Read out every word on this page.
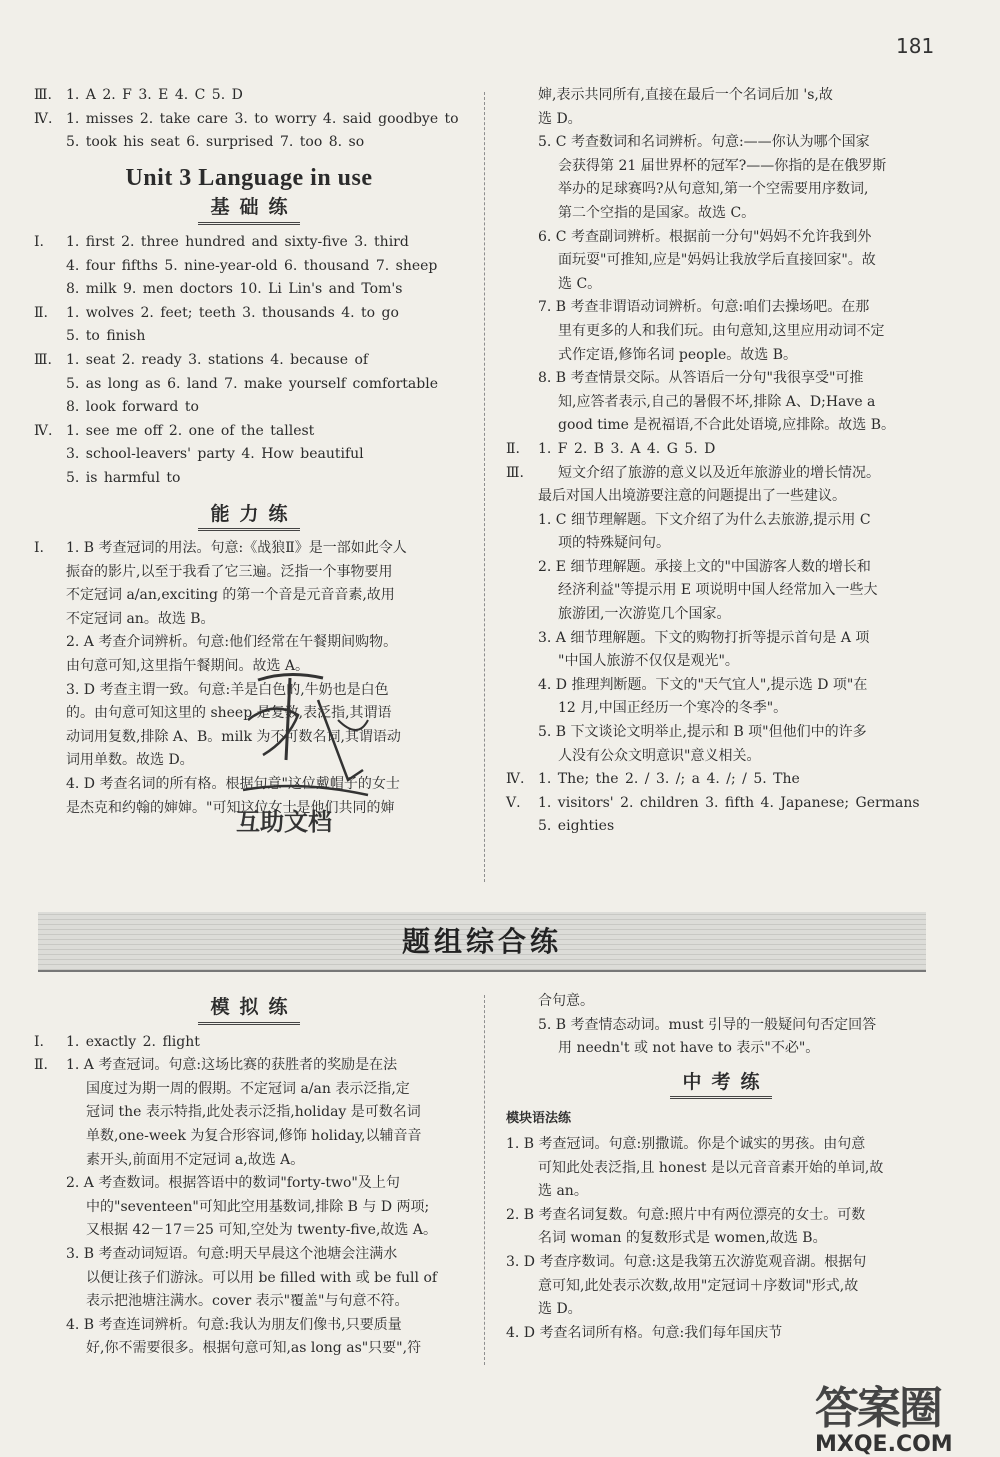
181
Ⅲ. 1. A 2. F 3. E 4. C 5. D
Ⅳ. 1. misses 2. take care 3. to worry 4. said goodbye to
5. took his seat 6. surprised 7. too 8. so
Unit 3 Language in use
基础练
Ⅰ. 1. first 2. three hundred and sixty-five 3. third
4. four fifths 5. nine-year-old 6. thousand 7. sheep
8. milk 9. men doctors 10. Li Lin's and Tom's
Ⅱ. 1. wolves 2. feet; teeth 3. thousands 4. to go
5. to finish
Ⅲ. 1. seat 2. ready 3. stations 4. because of
5. as long as 6. land 7. make yourself comfortable
8. look forward to
Ⅳ. 1. see me off 2. one of the tallest
3. school-leavers' party 4. How beautiful
5. is harmful to
能力练
Ⅰ. 1. B 考查冠词的用法。句意:《战狼Ⅱ》是一部如此令人
振奋的影片,以至于我看了它三遍。泛指一个事物要用
不定冠词 a/an,exciting 的第一个音是元音音素,故用
不定冠词 an。故选 B。
2. A 考查介词辨析。句意:他们经常在午餐期间购物。
由句意可知,这里指午餐期间。故选 A。
3. D 考查主谓一致。句意:羊是白色的,牛奶也是白色
的。由句意可知这里的 sheep 是复数,表泛指,其谓语
动词用复数,排除 A、B。milk 为不可数名词,其谓语动
词用单数。故选 D。
4. D 考查名词的所有格。根据句意"这位戴帽子的女士
是杰克和约翰的婶婶。"可知这位女士是他们共同的婶
婶,表示共同所有,直接在最后一个名词后加 's,故
选 D。
5. C 考查数词和名词辨析。句意:——你认为哪个国家
会获得第 21 届世界杯的冠军?——你指的是在俄罗斯
举办的足球赛吗?从句意知,第一个空需要用序数词,
第二个空指的是国家。故选 C。
6. C 考查副词辨析。根据前一分句"妈妈不允许我到外
面玩耍"可推知,应是"妈妈让我放学后直接回家"。故
选 C。
7. B 考查非谓语动词辨析。句意:咱们去操场吧。在那
里有更多的人和我们玩。由句意知,这里应用动词不定
式作定语,修饰名词 people。故选 B。
8. B 考查情景交际。从答语后一分句"我很享受"可推
知,应答者表示,自己的暑假不坏,排除 A、D;Have a
good time 是祝福语,不合此处语境,应排除。故选 B。
Ⅱ. 1. F 2. B 3. A 4. G 5. D
Ⅲ. 短文介绍了旅游的意义以及近年旅游业的增长情况。
最后对国人出境游要注意的问题提出了一些建议。
1. C 细节理解题。下文介绍了为什么去旅游,提示用 C
项的特殊疑问句。
2. E 细节理解题。承接上文的"中国游客人数的增长和
经济利益"等提示用 E 项说明中国人经常加入一些大
旅游团,一次游览几个国家。
3. A 细节理解题。下文的购物打折等提示首句是 A 项
"中国人旅游不仅仅是观光"。
4. D 推理判断题。下文的"天气宜人",提示选 D 项"在
12 月,中国正经历一个寒冷的冬季"。
5. B 下文谈论文明举止,提示和 B 项"但他们中的许多
人没有公众文明意识"意义相关。
Ⅳ. 1. The; the 2. / 3. /; a 4. /; / 5. The
Ⅴ. 1. visitors' 2. children 3. fifth 4. Japanese; Germans
5. eighties
互助文档
题组综合练
模拟练
Ⅰ. 1. exactly 2. flight
Ⅱ. 1. A 考查冠词。句意:这场比赛的获胜者的奖励是在法
国度过为期一周的假期。不定冠词 a/an 表示泛指,定
冠词 the 表示特指,此处表示泛指,holiday 是可数名词
单数,one-week 为复合形容词,修饰 holiday,以辅音音
素开头,前面用不定冠词 a,故选 A。
2. A 考查数词。根据答语中的数词"forty-two"及上句
中的"seventeen"可知此空用基数词,排除 B 与 D 两项;
又根据 42－17＝25 可知,空处为 twenty-five,故选 A。
3. B 考查动词短语。句意:明天早晨这个池塘会注满水
以便让孩子们游泳。可以用 be filled with 或 be full of
表示把池塘注满水。cover 表示"覆盖"与句意不符。
4. B 考查连词辨析。句意:我认为朋友们像书,只要质量
好,你不需要很多。根据句意可知,as long as"只要",符
合句意。
5. B 考查情态动词。must 引导的一般疑问句否定回答
用 needn't 或 not have to 表示"不必"。
中考练
模块语法练
1. B 考查冠词。句意:别撒谎。你是个诚实的男孩。由句意
可知此处表泛指,且 honest 是以元音音素开始的单词,故
选 an。
2. B 考查名词复数。句意:照片中有两位漂亮的女士。可数
名词 woman 的复数形式是 women,故选 B。
3. D 考查序数词。句意:这是我第五次游览观音湖。根据句
意可知,此处表示次数,故用"定冠词＋序数词"形式,故
选 D。
4. D 考查名词所有格。句意:我们每年国庆节
答案圈
MXQE.COM
